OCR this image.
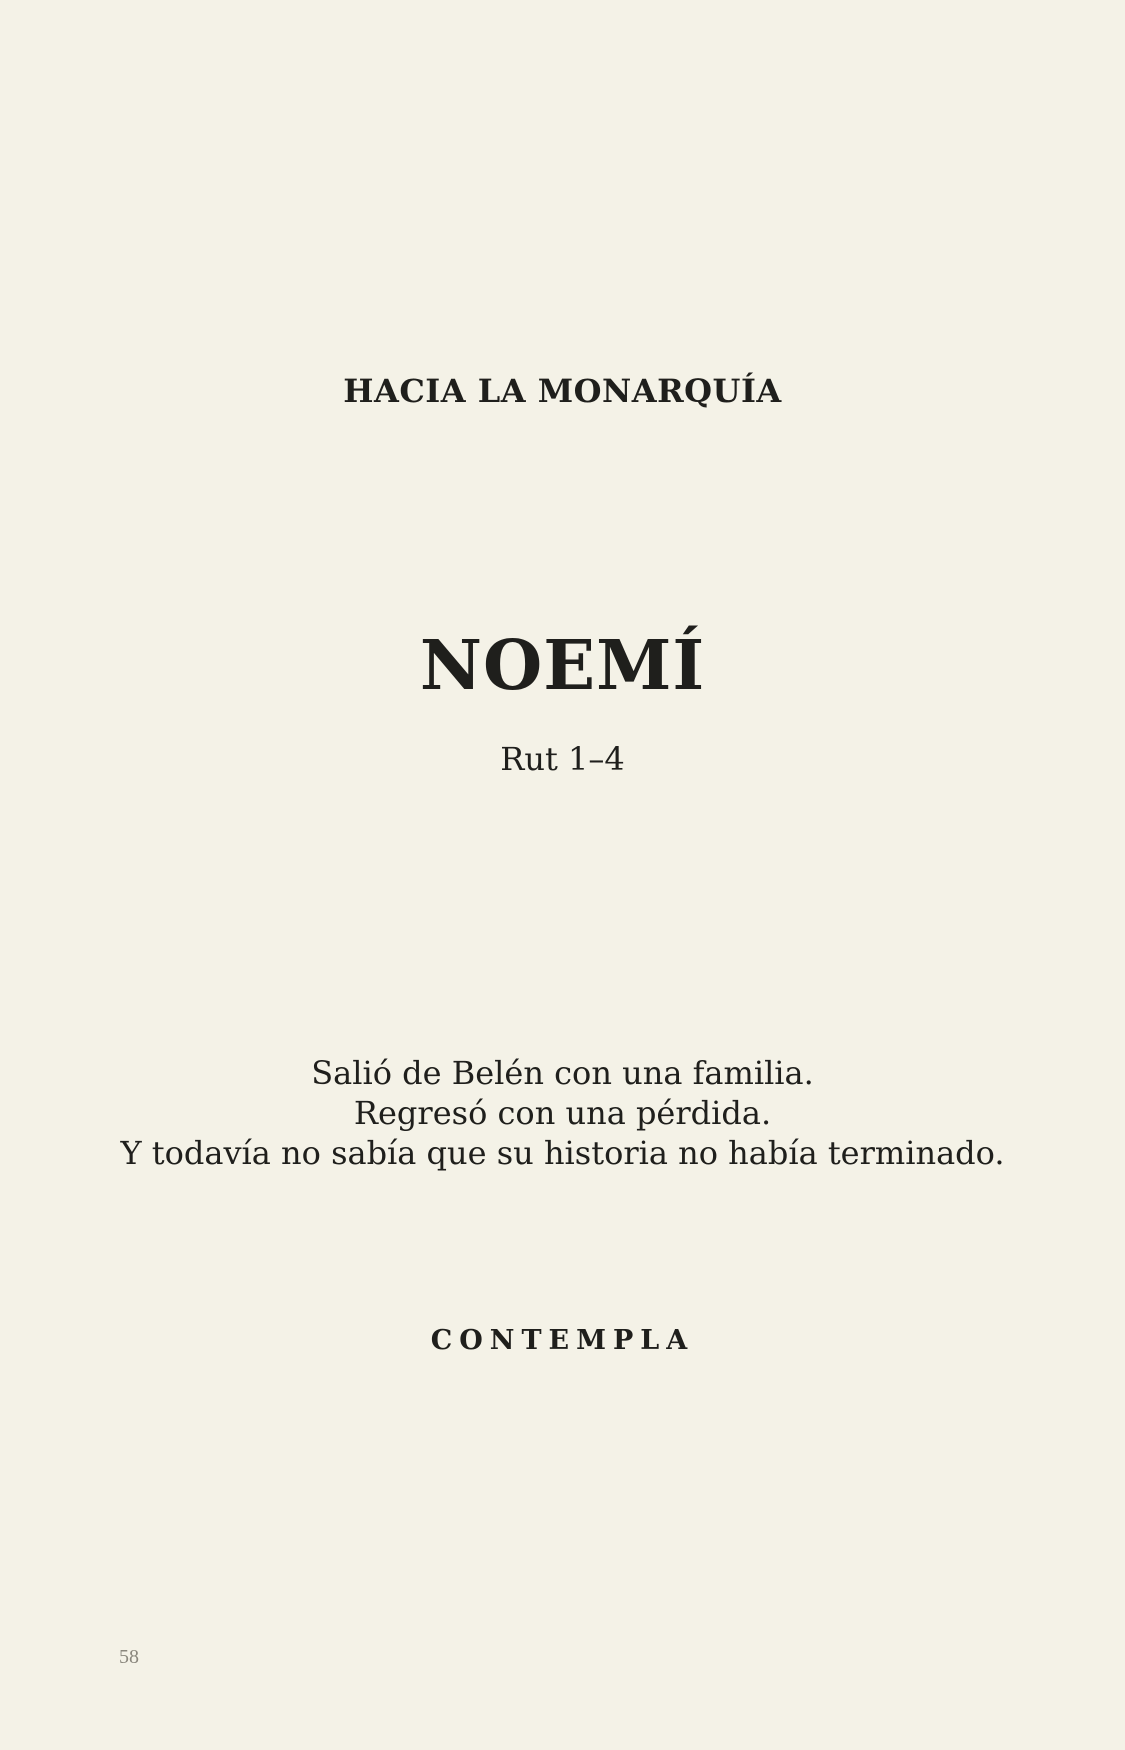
HACIA LA MONARQUÍA
NOEMÍ
Rut 1–4
Salió de Belén con una familia.
Regresó con una pérdida.
Y todavía no sabía que su historia no había terminado.
CONTEMPLA
58
